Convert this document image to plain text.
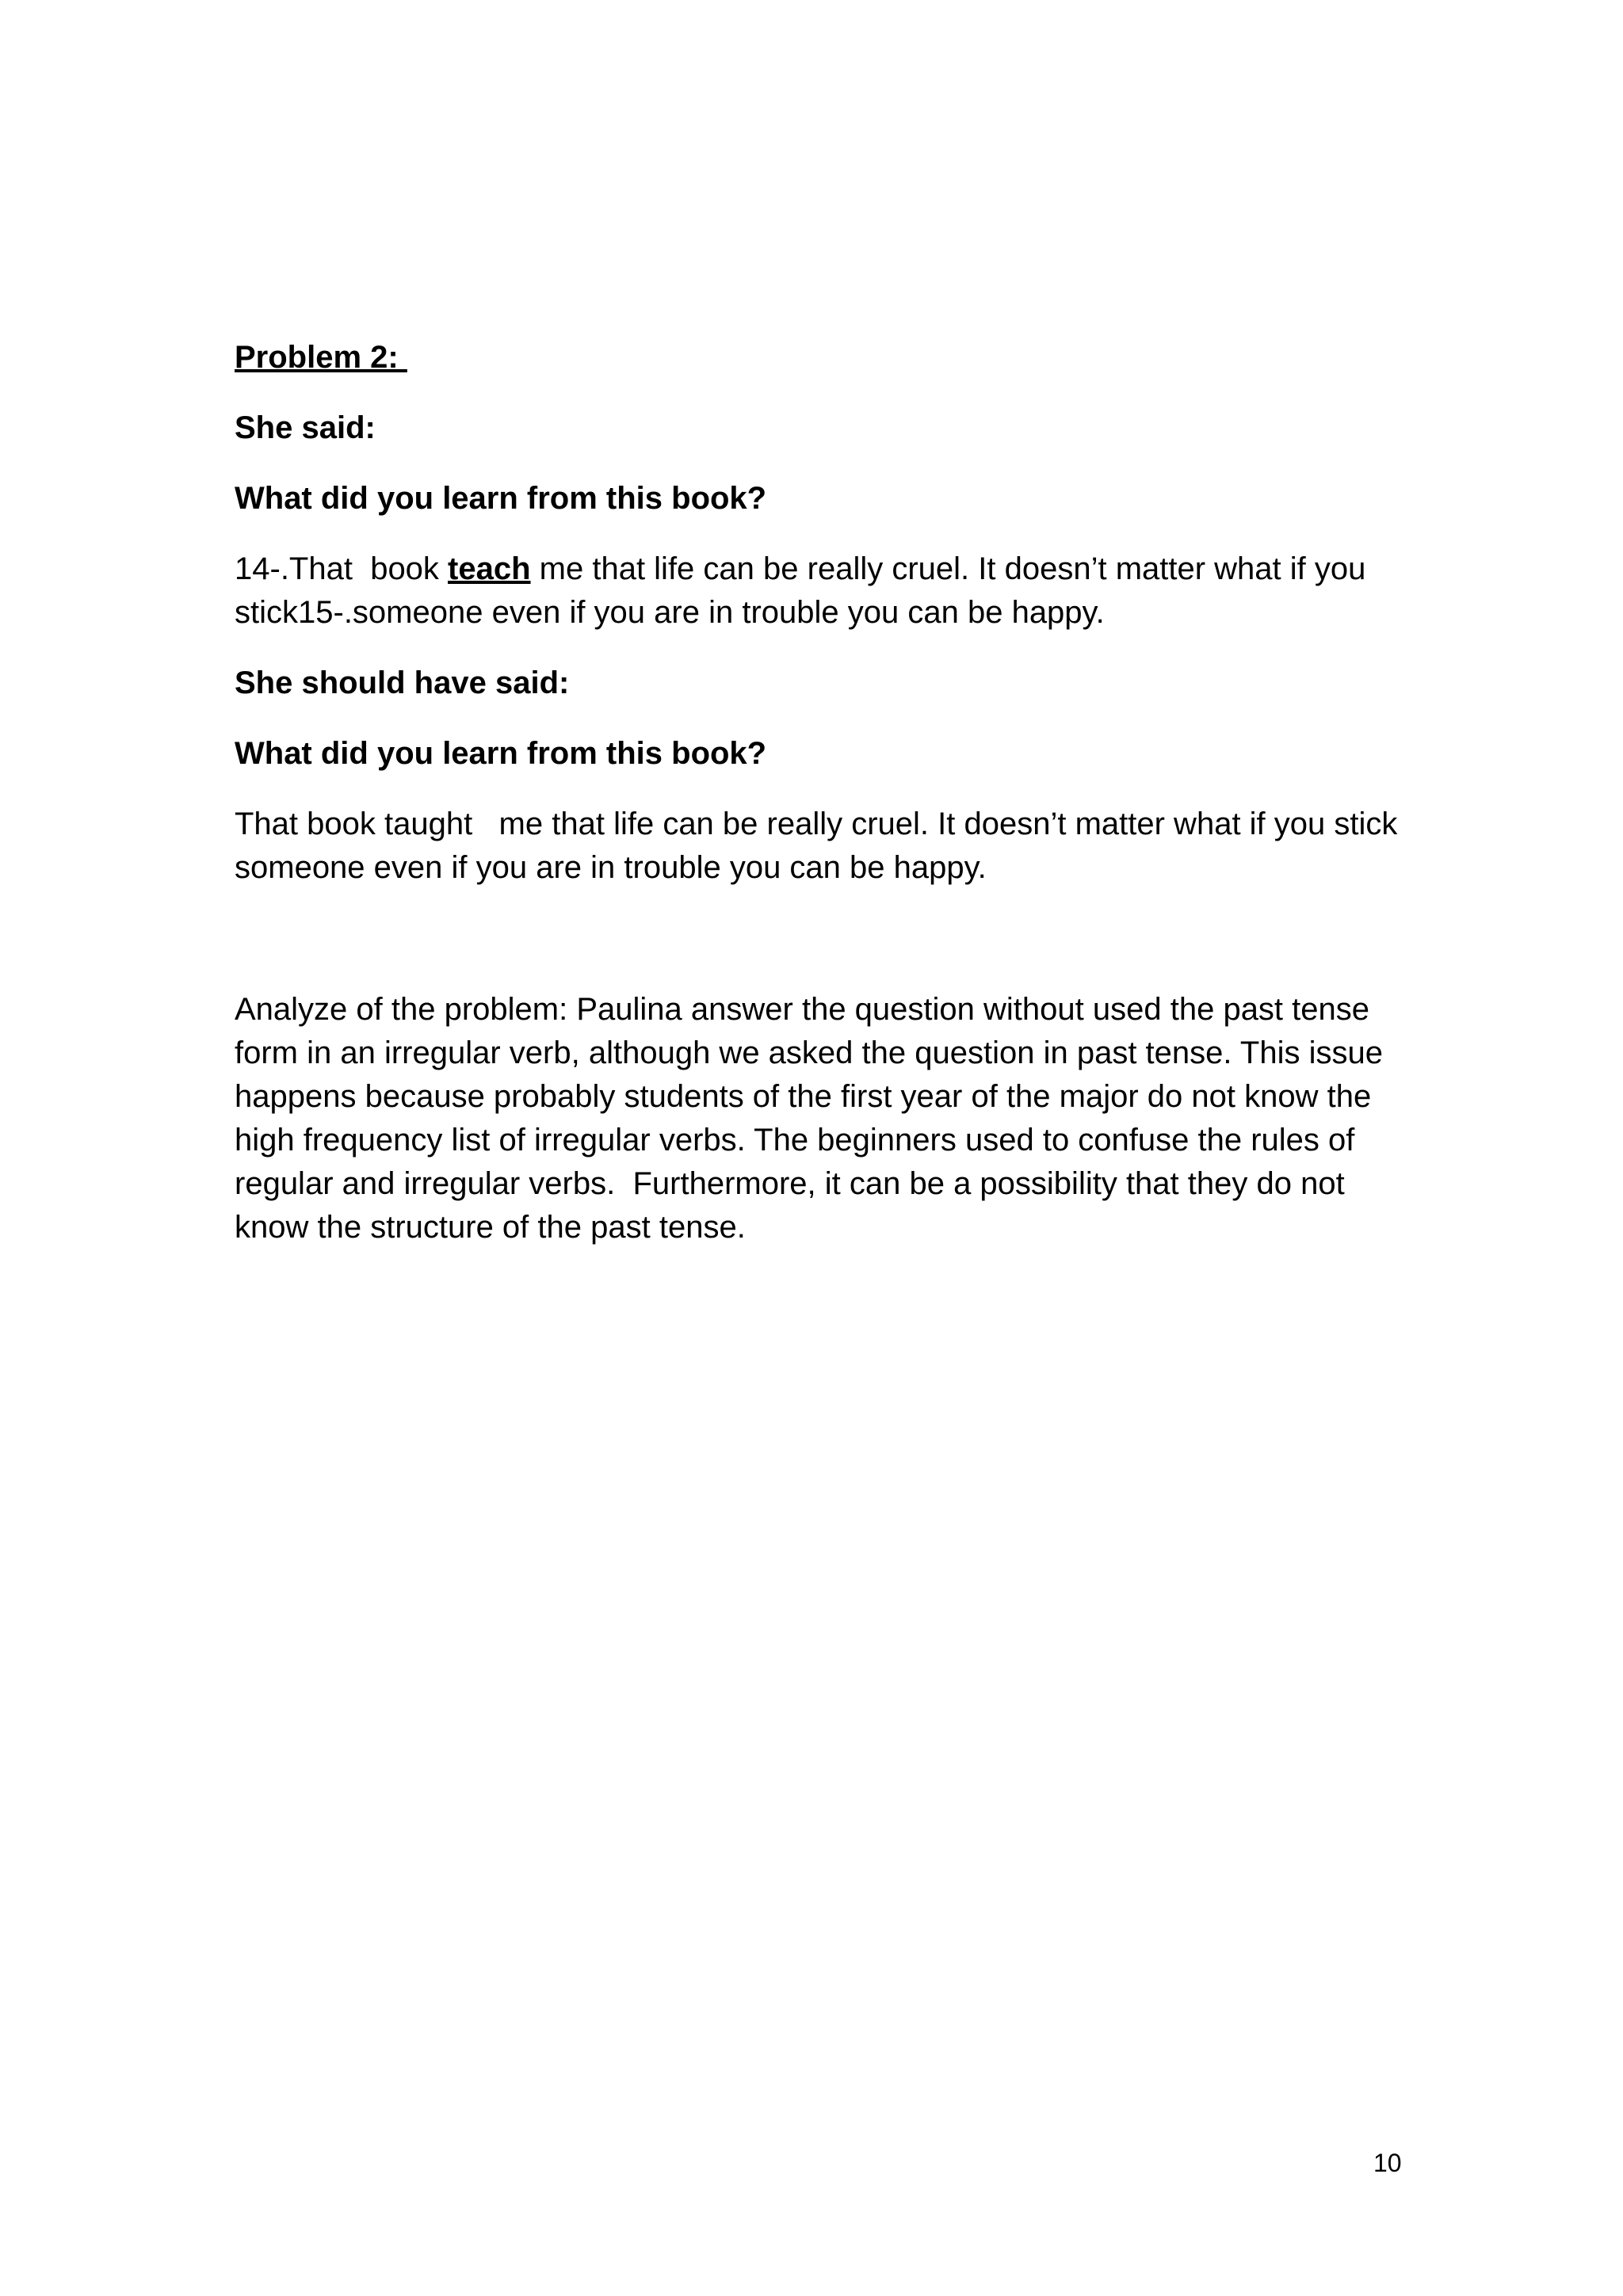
Problem 2:

She said:

What did you learn from this book?

14-.That  book teach me that life can be really cruel. It doesn’t matter what if you stick15-.someone even if you are in trouble you can be happy.

She should have said:

What did you learn from this book?

That book taught   me that life can be really cruel. It doesn’t matter what if you stick someone even if you are in trouble you can be happy.

Analyze of the problem: Paulina answer the question without used the past tense form in an irregular verb, although we asked the question in past tense. This issue happens because probably students of the first year of the major do not know the high frequency list of irregular verbs. The beginners used to confuse the rules of regular and irregular verbs.  Furthermore, it can be a possibility that they do not know the structure of the past tense.

10
